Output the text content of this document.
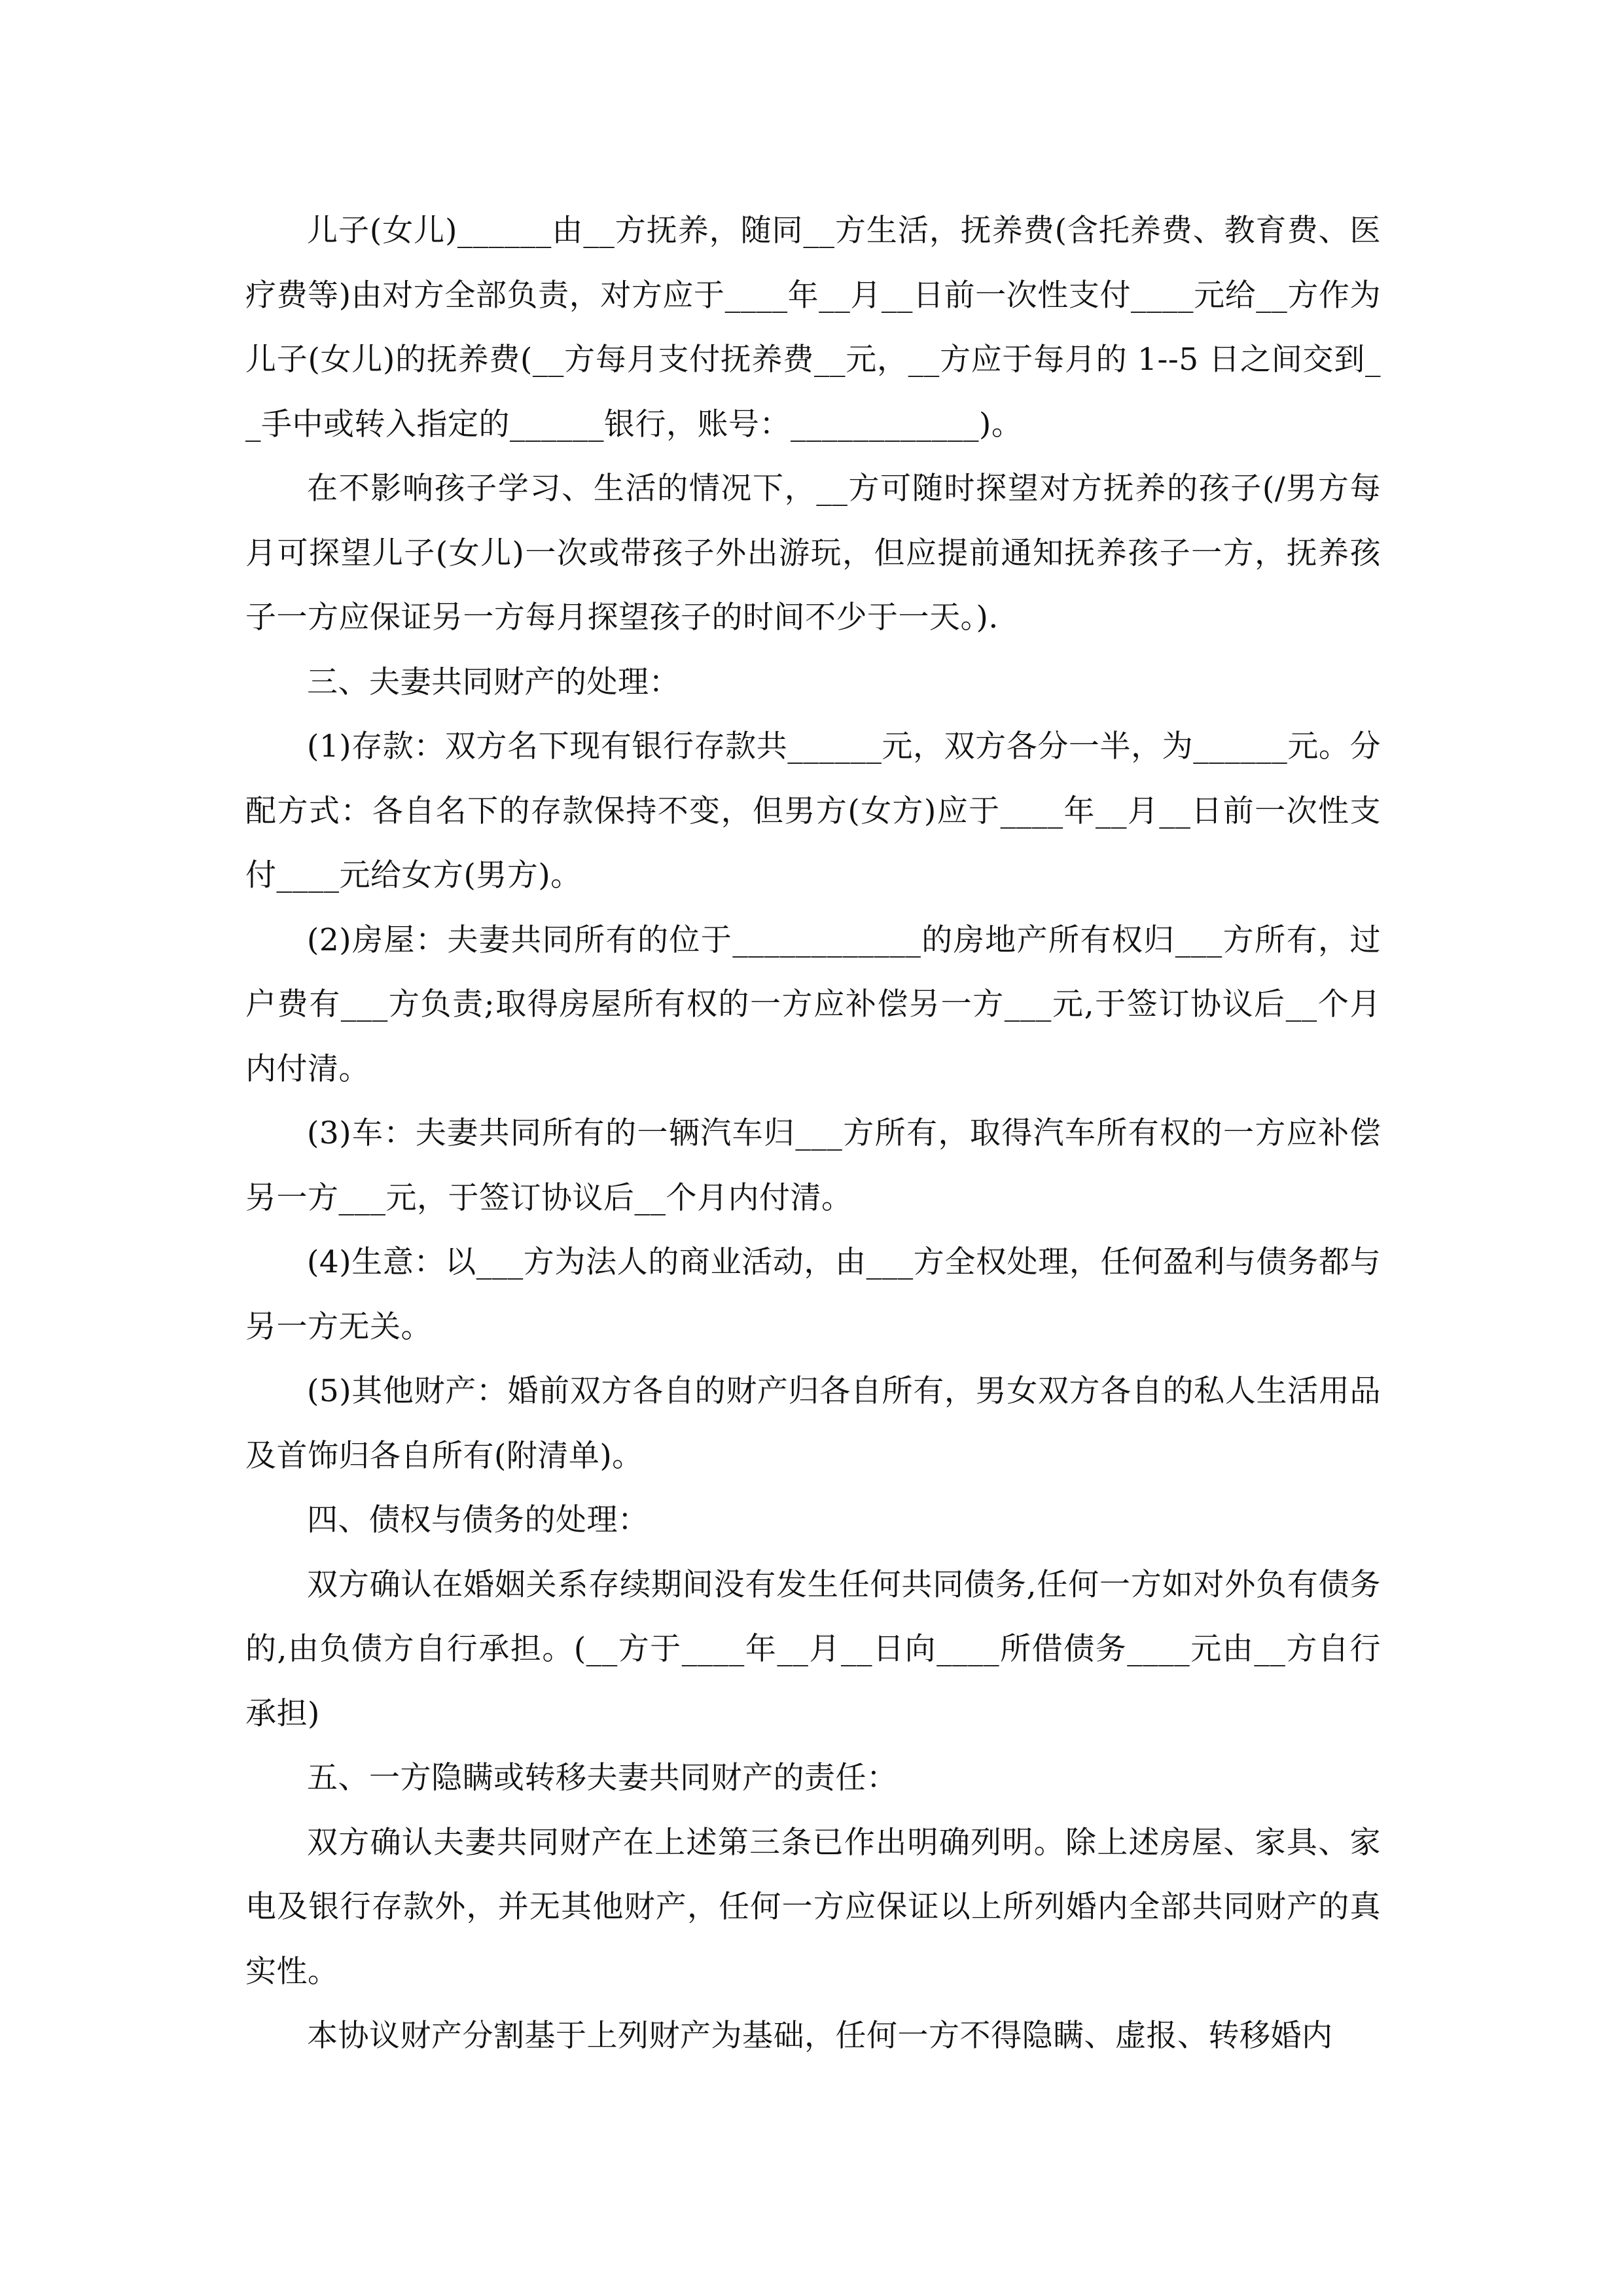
儿子(女儿)______由__方抚养，随同__方生活，抚养费(含托养费、教育费、医疗费等)由对方全部负责，对方应于____年__月__日前一次性支付____元给__方作为儿子(女儿)的抚养费(__方每月支付抚养费__元，__方应于每月的 1--5 日之间交到__手中或转入指定的______银行，账号：____________)。

在不影响孩子学习、生活的情况下，__方可随时探望对方抚养的孩子(/男方每月可探望儿子(女儿)一次或带孩子外出游玩，但应提前通知抚养孩子一方，抚养孩子一方应保证另一方每月探望孩子的时间不少于一天。).

三、夫妻共同财产的处理：

(1)存款：双方名下现有银行存款共______元，双方各分一半，为______元。分配方式：各自名下的存款保持不变，但男方(女方)应于____年__月__日前一次性支付____元给女方(男方)。

(2)房屋：夫妻共同所有的位于____________的房地产所有权归___方所有，过户费有___方负责;取得房屋所有权的一方应补偿另一方___元,于签订协议后__个月内付清。

(3)车：夫妻共同所有的一辆汽车归___方所有，取得汽车所有权的一方应补偿另一方___元，于签订协议后__个月内付清。

(4)生意：以___方为法人的商业活动，由___方全权处理，任何盈利与债务都与另一方无关。

(5)其他财产：婚前双方各自的财产归各自所有，男女双方各自的私人生活用品及首饰归各自所有(附清单)。

四、债权与债务的处理：

双方确认在婚姻关系存续期间没有发生任何共同债务,任何一方如对外负有债务的,由负债方自行承担。(__方于____年__月__日向____所借债务____元由__方自行承担)

五、一方隐瞒或转移夫妻共同财产的责任：

双方确认夫妻共同财产在上述第三条已作出明确列明。除上述房屋、家具、家电及银行存款外，并无其他财产，任何一方应保证以上所列婚内全部共同财产的真实性。

本协议财产分割基于上列财产为基础，任何一方不得隐瞒、虚报、转移婚内
